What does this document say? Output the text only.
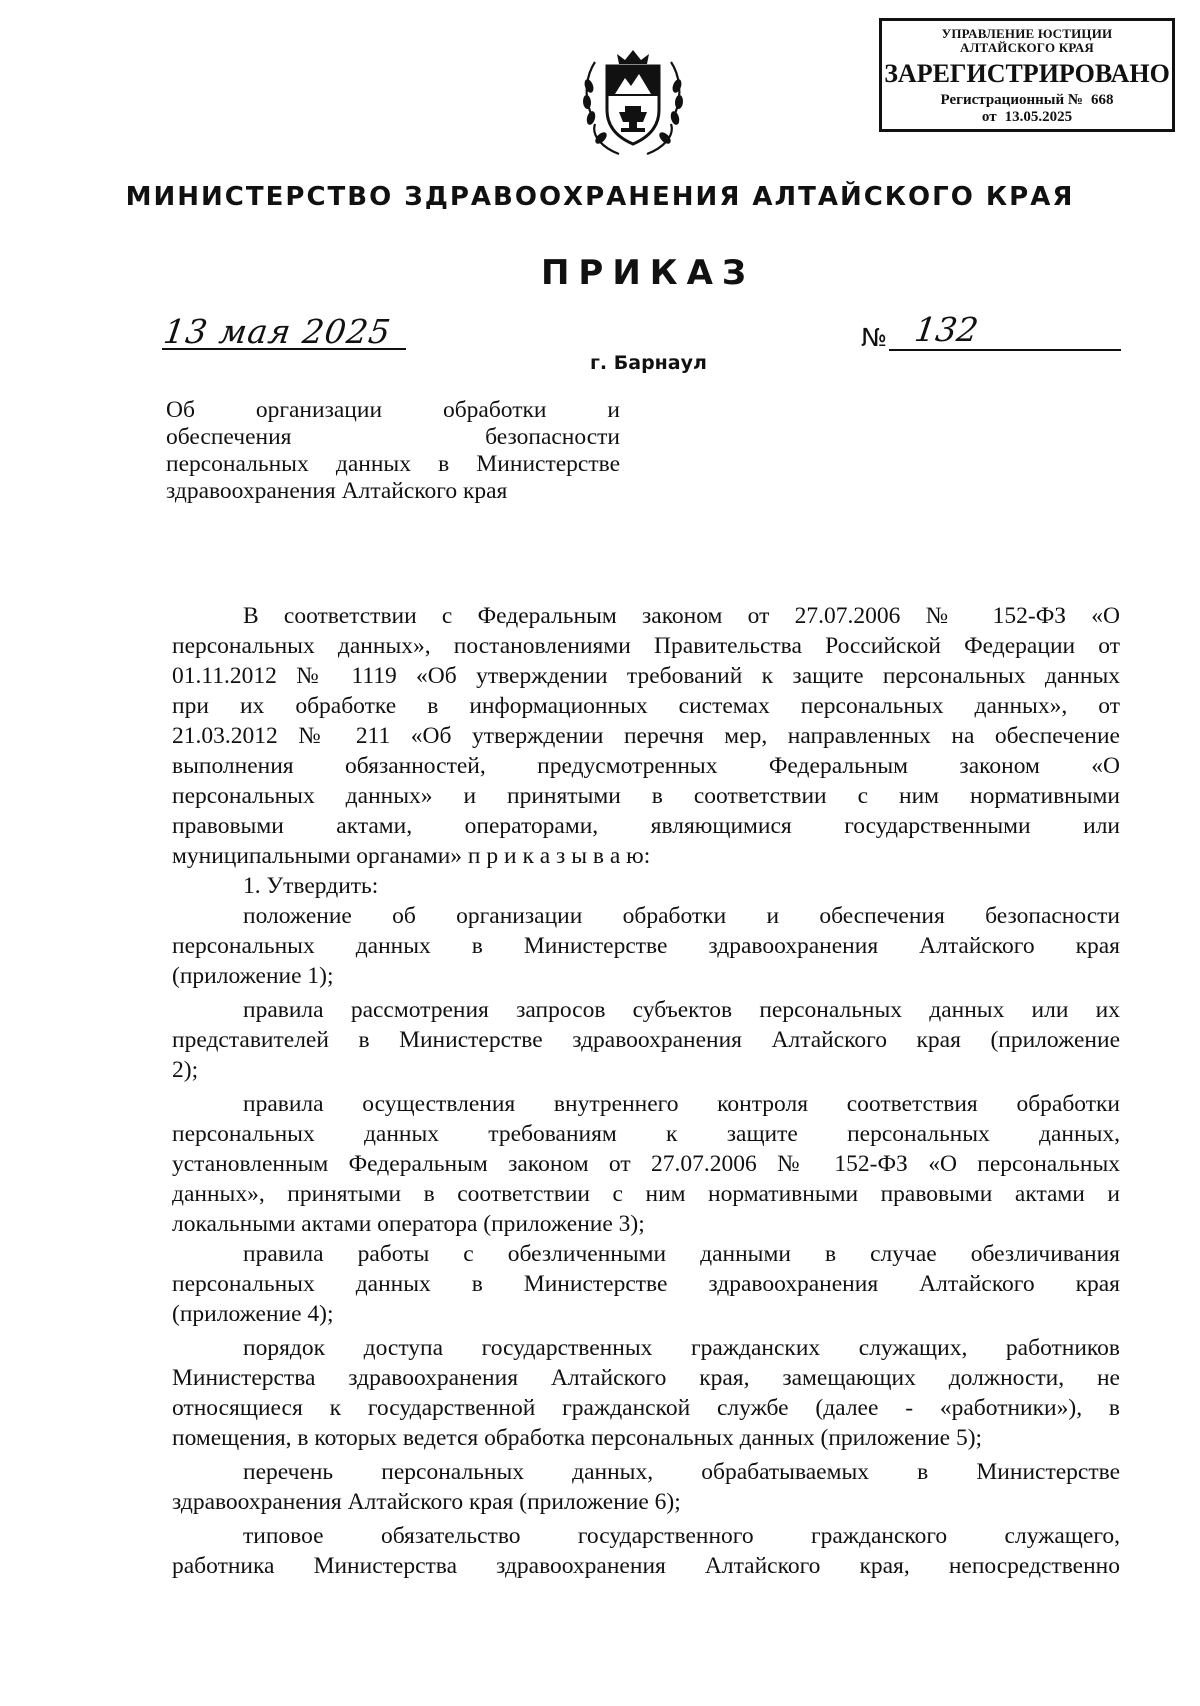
УПРАВЛЕНИЕ ЮСТИЦИИ
АЛТАЙСКОГО КРАЯ
ЗАРЕГИСТРИРОВАНО
Регистрационный № 668
от 13.05.2025
МИНИСТЕРСТВО ЗДРАВООХРАНЕНИЯ АЛТАЙСКОГО КРАЯ
ПРИКАЗ
13 мая 2025	№ 132
г. Барнаул
Об организации обработки и
обеспечения безопасности
персональных данных в Министерстве
здравоохранения Алтайского края
В соответствии с Федеральным законом от 27.07.2006 № 152-ФЗ «О
персональных данных», постановлениями Правительства Российской Федерации от
01.11.2012 № 1119 «Об утверждении требований к защите персональных данных
при их обработке в информационных системах персональных данных», от
21.03.2012 № 211 «Об утверждении перечня мер, направленных на обеспечение
выполнения обязанностей, предусмотренных Федеральным законом «О
персональных данных» и принятыми в соответствии с ним нормативными
правовыми актами, операторами, являющимися государственными или
муниципальными органами» п р и к а з ы в а ю:
1. Утвердить:
положение об организации обработки и обеспечения безопасности
персональных данных в Министерстве здравоохранения Алтайского края
(приложение 1);
правила рассмотрения запросов субъектов персональных данных или их
представителей в Министерстве здравоохранения Алтайского края (приложение
2);
правила осуществления внутреннего контроля соответствия обработки
персональных данных требованиям к защите персональных данных,
установленным Федеральным законом от 27.07.2006 № 152-ФЗ «О персональных
данных», принятыми в соответствии с ним нормативными правовыми актами и
локальными актами оператора (приложение 3);
правила работы с обезличенными данными в случае обезличивания
персональных данных в Министерстве здравоохранения Алтайского края
(приложение 4);
порядок доступа государственных гражданских служащих, работников
Министерства здравоохранения Алтайского края, замещающих должности, не
относящиеся к государственной гражданской службе (далее - «работники»), в
помещения, в которых ведется обработка персональных данных (приложение 5);
перечень персональных данных, обрабатываемых в Министерстве
здравоохранения Алтайского края (приложение 6);
типовое обязательство государственного гражданского служащего,
работника Министерства здравоохранения Алтайского края, непосредственно
